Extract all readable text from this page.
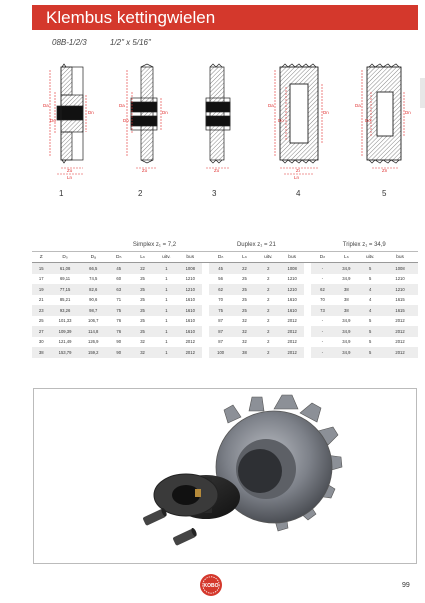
Klembus kettingwielen
08B-1/2/3	1/2" x 5/16"
Da
Do
Dn
Zo
Ln
Da
Do
Dn
Zo	Zo
Da
Do
Dn
Zi
Ln
Da
Do
Dn
Zn
1	2	3	4	5
			Simplex z₁ = 7,2					Duplex z₁ = 21					Triplex z₁ = 34,9			
Z	D₀	Dₐ	Dₙ	Lₙ	uitv.	bus		Dₙ	Lₙ	uitv.	bus		Dₙ	Lₙ	uitv.	bus
15	61,08	66,5	45	22	1	1008		45	22	2	1008		-	34,9	5	1008
17	69,11	74,5	60	25	1	1210		56	25	2	1210		-	34,9	5	1210
19	77,15	82,6	63	25	1	1210		62	25	2	1210		62	38	4	1210
21	85,21	90,6	71	25	1	1610		70	25	2	1610		70	38	4	1615
23	93,26	98,7	75	25	1	1610		75	25	2	1610		73	38	4	1615
25	101,33	106,7	76	25	1	1610		87	32	2	2012		-	34,9	5	2012
27	109,39	114,8	76	25	1	1610		87	32	2	2012		-	34,9	5	2012
30	121,49	126,9	90	32	1	2012		87	32	2	2012		-	34,9	5	2012
38	153,79	159,2	90	32	1	2012		100	38	2	2012		-	34,9	5	2012
KOBO	99
